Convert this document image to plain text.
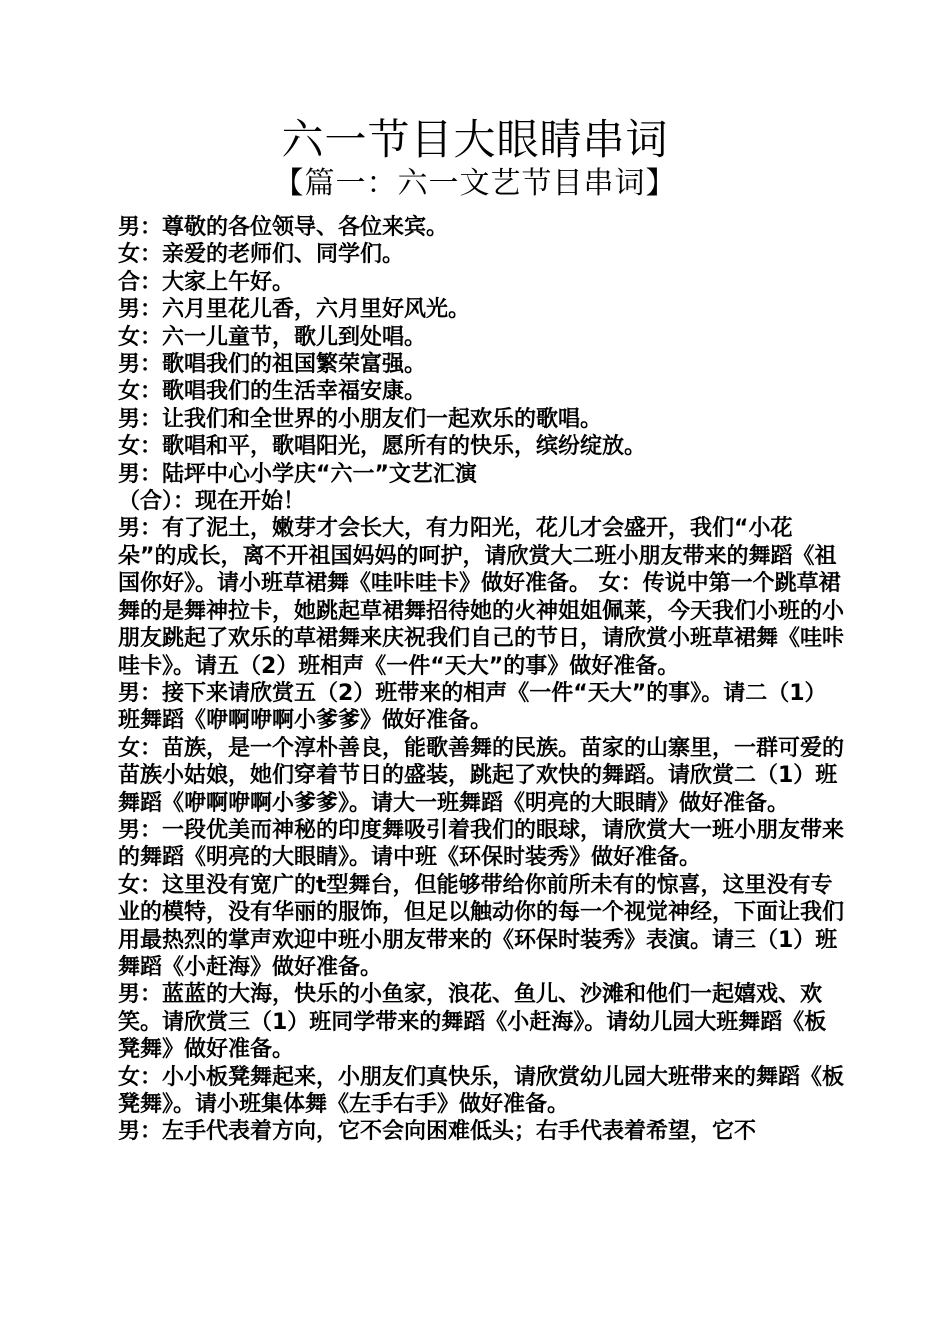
六一节目大眼睛串词
【篇一：六一文艺节目串词】

男：尊敬的各位领导、各位来宾。

女：亲爱的老师们、同学们。

合：大家上午好。

男：六月里花儿香，六月里好风光。

女：六一儿童节，歌儿到处唱。

男：歌唱我们的祖国繁荣富强。

女：歌唱我们的生活幸福安康。

男：让我们和全世界的小朋友们一起欢乐的歌唱。

女：歌唱和平，歌唱阳光，愿所有的快乐，缤纷绽放。

男：陆坪中心小学庆“六一”文艺汇演

（合）：现在开始！

男：有了泥土，嫩芽才会长大，有力阳光，花儿才会盛开，我们“小花朵”的成长，离不开祖国妈妈的呵护，请欣赏大二班小朋友带来的舞蹈《祖国你好》。请小班草裙舞《哇咔哇卡》做好准备。 女：传说中第一个跳草裙舞的是舞神拉卡，她跳起草裙舞招待她的火神姐姐佩莱，今天我们小班的小朋友跳起了欢乐的草裙舞来庆祝我们自己的节日，请欣赏小班草裙舞《哇咔哇卡》。请五（2）班相声《一件“天大”的事》做好准备。

男：接下来请欣赏五（2）班带来的相声《一件“天大”的事》。请二（1）班舞蹈《咿啊咿啊小爹爹》做好准备。

女：苗族，是一个淳朴善良，能歌善舞的民族。苗家的山寨里，一群可爱的苗族小姑娘，她们穿着节日的盛装，跳起了欢快的舞蹈。请欣赏二（1）班舞蹈《咿啊咿啊小爹爹》。请大一班舞蹈《明亮的大眼睛》做好准备。

男：一段优美而神秘的印度舞吸引着我们的眼球，请欣赏大一班小朋友带来的舞蹈《明亮的大眼睛》。请中班《环保时装秀》做好准备。

女：这里没有宽广的t型舞台，但能够带给你前所未有的惊喜，这里没有专业的模特，没有华丽的服饰，但足以触动你的每一个视觉神经，下面让我们用最热烈的掌声欢迎中班小朋友带来的《环保时装秀》表演。请三（1）班舞蹈《小赶海》做好准备。

男：蓝蓝的大海，快乐的小鱼家，浪花、鱼儿、沙滩和他们一起嬉戏、欢笑。请欣赏三（1）班同学带来的舞蹈《小赶海》。请幼儿园大班舞蹈《板凳舞》做好准备。

女：小小板凳舞起来，小朋友们真快乐，请欣赏幼儿园大班带来的舞蹈《板凳舞》。请小班集体舞《左手右手》做好准备。

男：左手代表着方向，它不会向困难低头；右手代表着希望，它不
